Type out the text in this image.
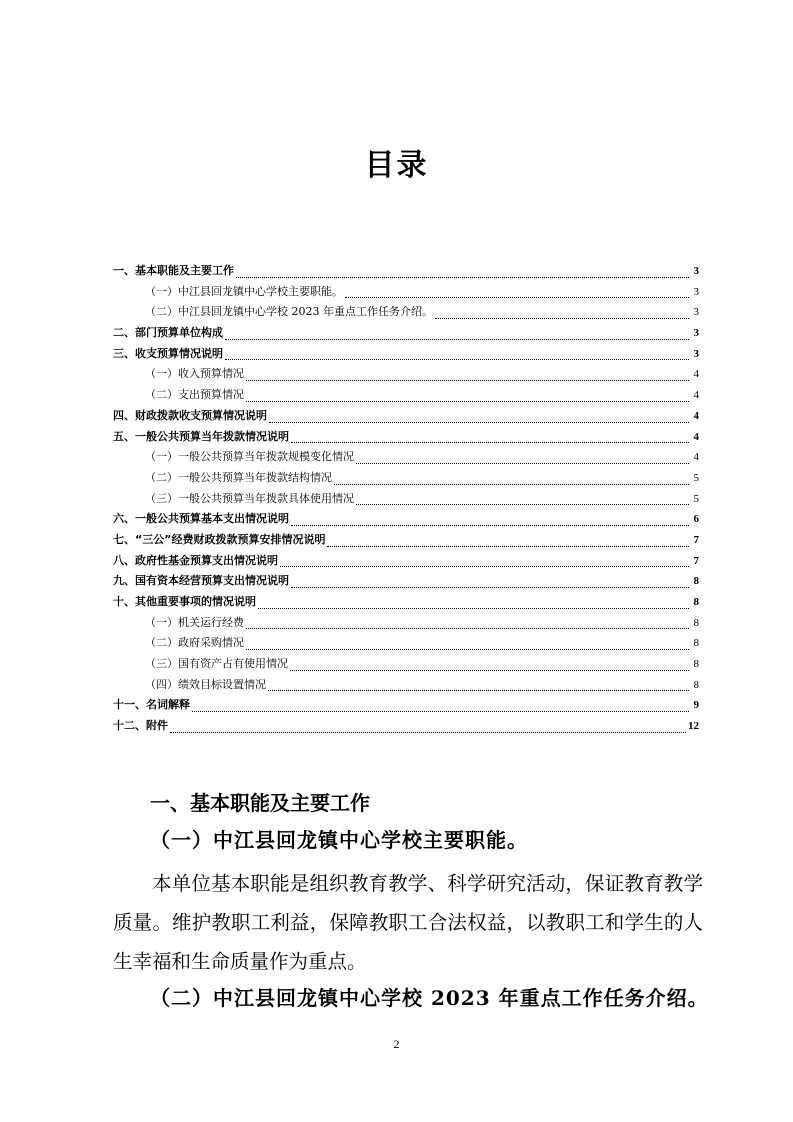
目录
一、基本职能及主要工作	3
（一）中江县回龙镇中心学校主要职能。	3
（二）中江县回龙镇中心学校 2023 年重点工作任务介绍。	3
二、部门预算单位构成	3
三、收支预算情况说明	3
（一）收入预算情况	4
（二）支出预算情况	4
四、财政拨款收支预算情况说明	4
五、一般公共预算当年拨款情况说明	4
（一）一般公共预算当年拨款规模变化情况	4
（二）一般公共预算当年拨款结构情况	5
（三）一般公共预算当年拨款具体使用情况	5
六、一般公共预算基本支出情况说明	6
七、“三公”经费财政拨款预算安排情况说明	7
八、政府性基金预算支出情况说明	7
九、国有资本经营预算支出情况说明	8
十、其他重要事项的情况说明	8
（一）机关运行经费	8
（二）政府采购情况	8
（三）国有资产占有使用情况	8
（四）绩效目标设置情况	8
十一、名词解释	9
十二、附件	12
一、基本职能及主要工作
（一）中江县回龙镇中心学校主要职能。
本单位基本职能是组织教育教学、科学研究活动，保证教育教学质量。维护教职工利益，保障教职工合法权益，以教职工和学生的人生幸福和生命质量作为重点。
（二）中江县回龙镇中心学校 2023 年重点工作任务介绍。
2
